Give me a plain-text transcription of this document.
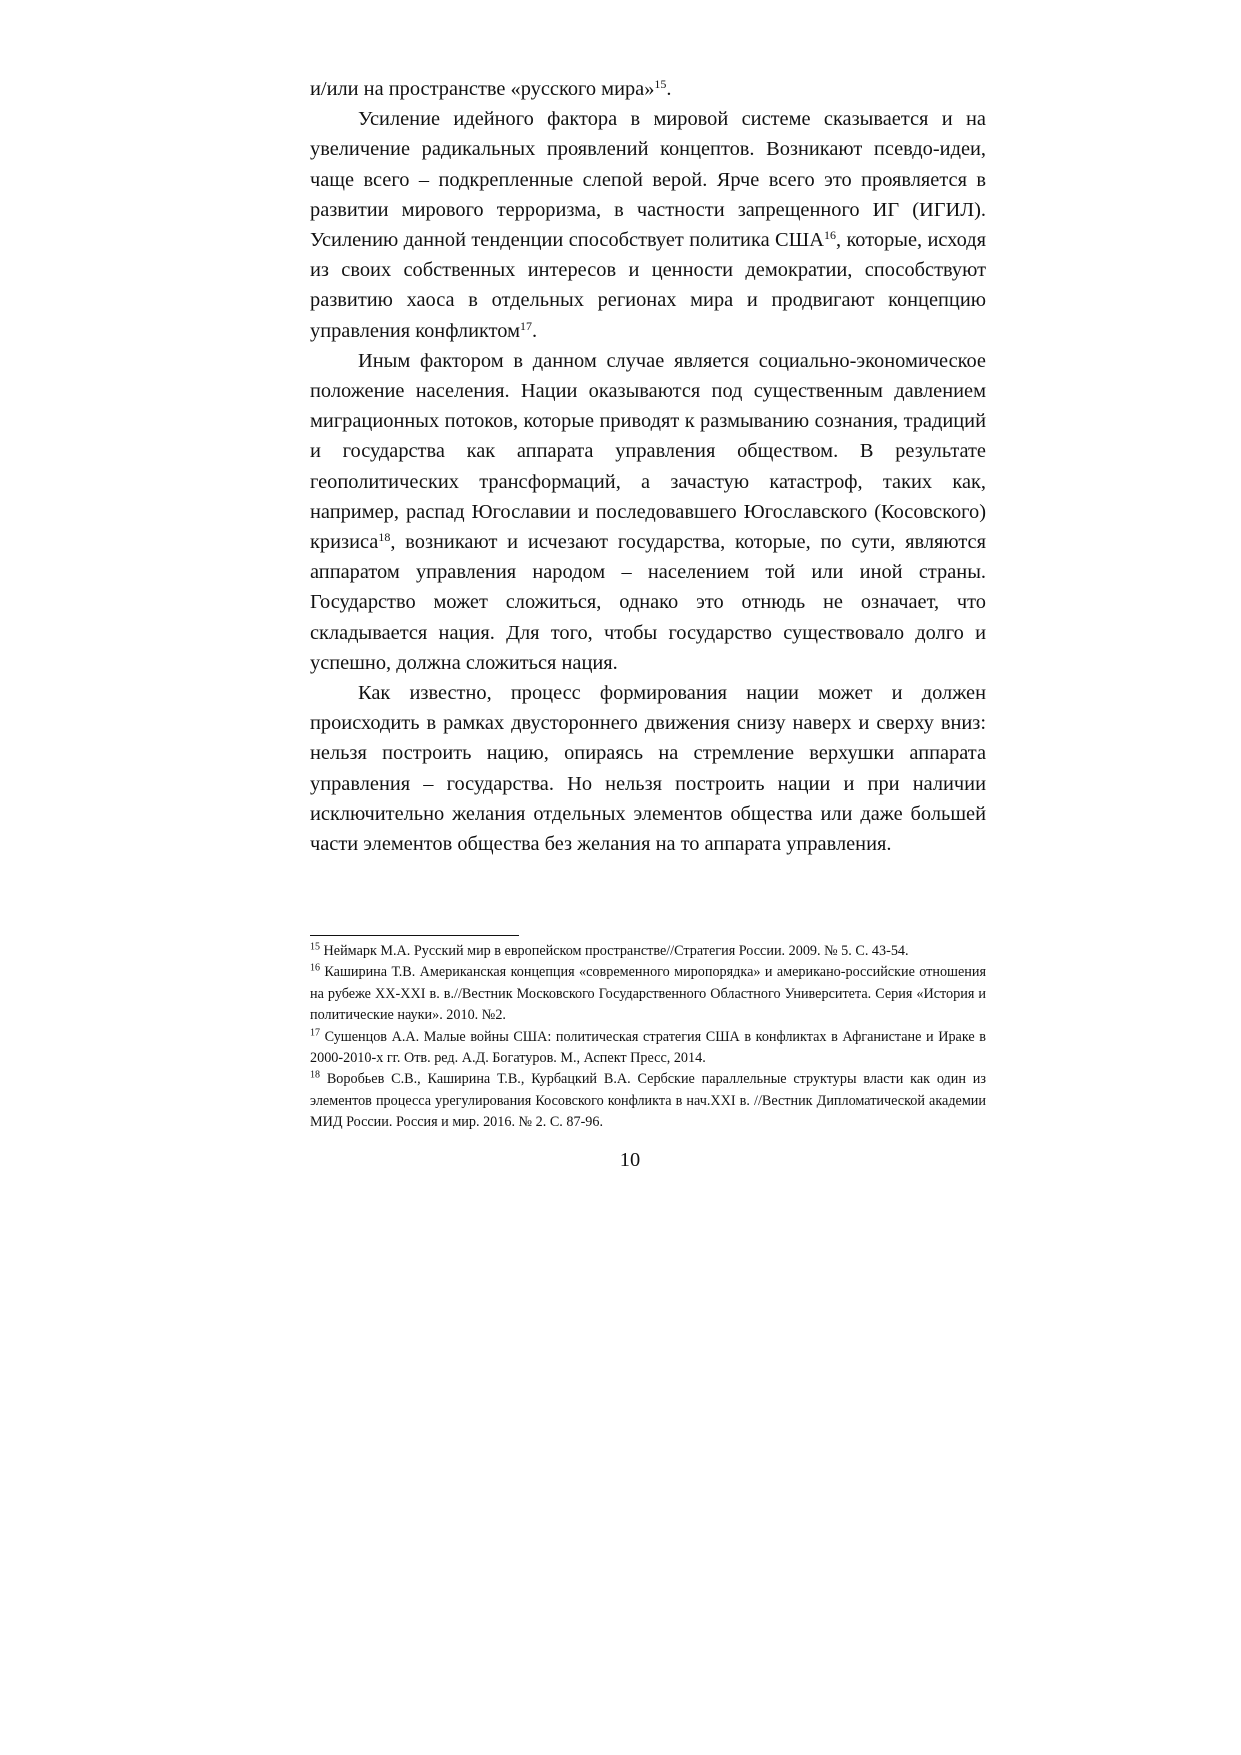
и/или на пространстве «русского мира»$^{15}$.

Усиление идейного фактора в мировой системе сказывается и на увеличение радикальных проявлений концептов. Возникают псевдо-идеи, чаще всего – подкрепленные слепой верой. Ярче всего это проявляется в развитии мирового терроризма, в частности запрещенного ИГ (ИГИЛ). Усилению данной тенденции способствует политика США$^{16}$, которые, исходя из своих собственных интересов и ценности демократии, способствуют развитию хаоса в отдельных регионах мира и продвигают концепцию управления конфликтом$^{17}$.

Иным фактором в данном случае является социально-экономическое положение населения. Нации оказываются под существенным давлением миграционных потоков, которые приводят к размыванию сознания, традиций и государства как аппарата управления обществом. В результате геополитических трансформаций, а зачастую катастроф, таких как, например, распад Югославии и последовавшего Югославского (Косовского) кризиса$^{18}$, возникают и исчезают государства, которые, по сути, являются аппаратом управления народом – населением той или иной страны. Государство может сложиться, однако это отнюдь не означает, что складывается нация. Для того, чтобы государство существовало долго и успешно, должна сложиться нация.

Как известно, процесс формирования нации может и должен происходить в рамках двустороннего движения снизу наверх и сверху вниз: нельзя построить нацию, опираясь на стремление верхушки аппарата управления – государства. Но нельзя построить нации и при наличии исключительно желания отдельных элементов общества или даже большей части элементов общества без желания на то аппарата управления.

$^{15}$ Неймарк М.А. Русский мир в европейском пространстве//Стратегия России. 2009. № 5. С. 43-54.

$^{16}$ Каширина Т.В. Американская концепция «современного миропорядка» и американо-российские отношения на рубеже XX-XXI в. в.//Вестник Московского Государственного Областного Университета. Серия «История и политические науки». 2010. №2.

$^{17}$ Сушенцов А.А. Малые войны США: политическая стратегия США в конфликтах в Афганистане и Ираке в 2000-2010-х гг. Отв. ред. А.Д. Богатуров. М., Аспект Пресс, 2014.

$^{18}$ Воробьев С.В., Каширина Т.В., Курбацкий В.А. Сербские параллельные структуры власти как один из элементов процесса урегулирования Косовского конфликта в нач.XXI в. //Вестник Дипломатической академии МИД России. Россия и мир. 2016. № 2. С. 87-96.

10
